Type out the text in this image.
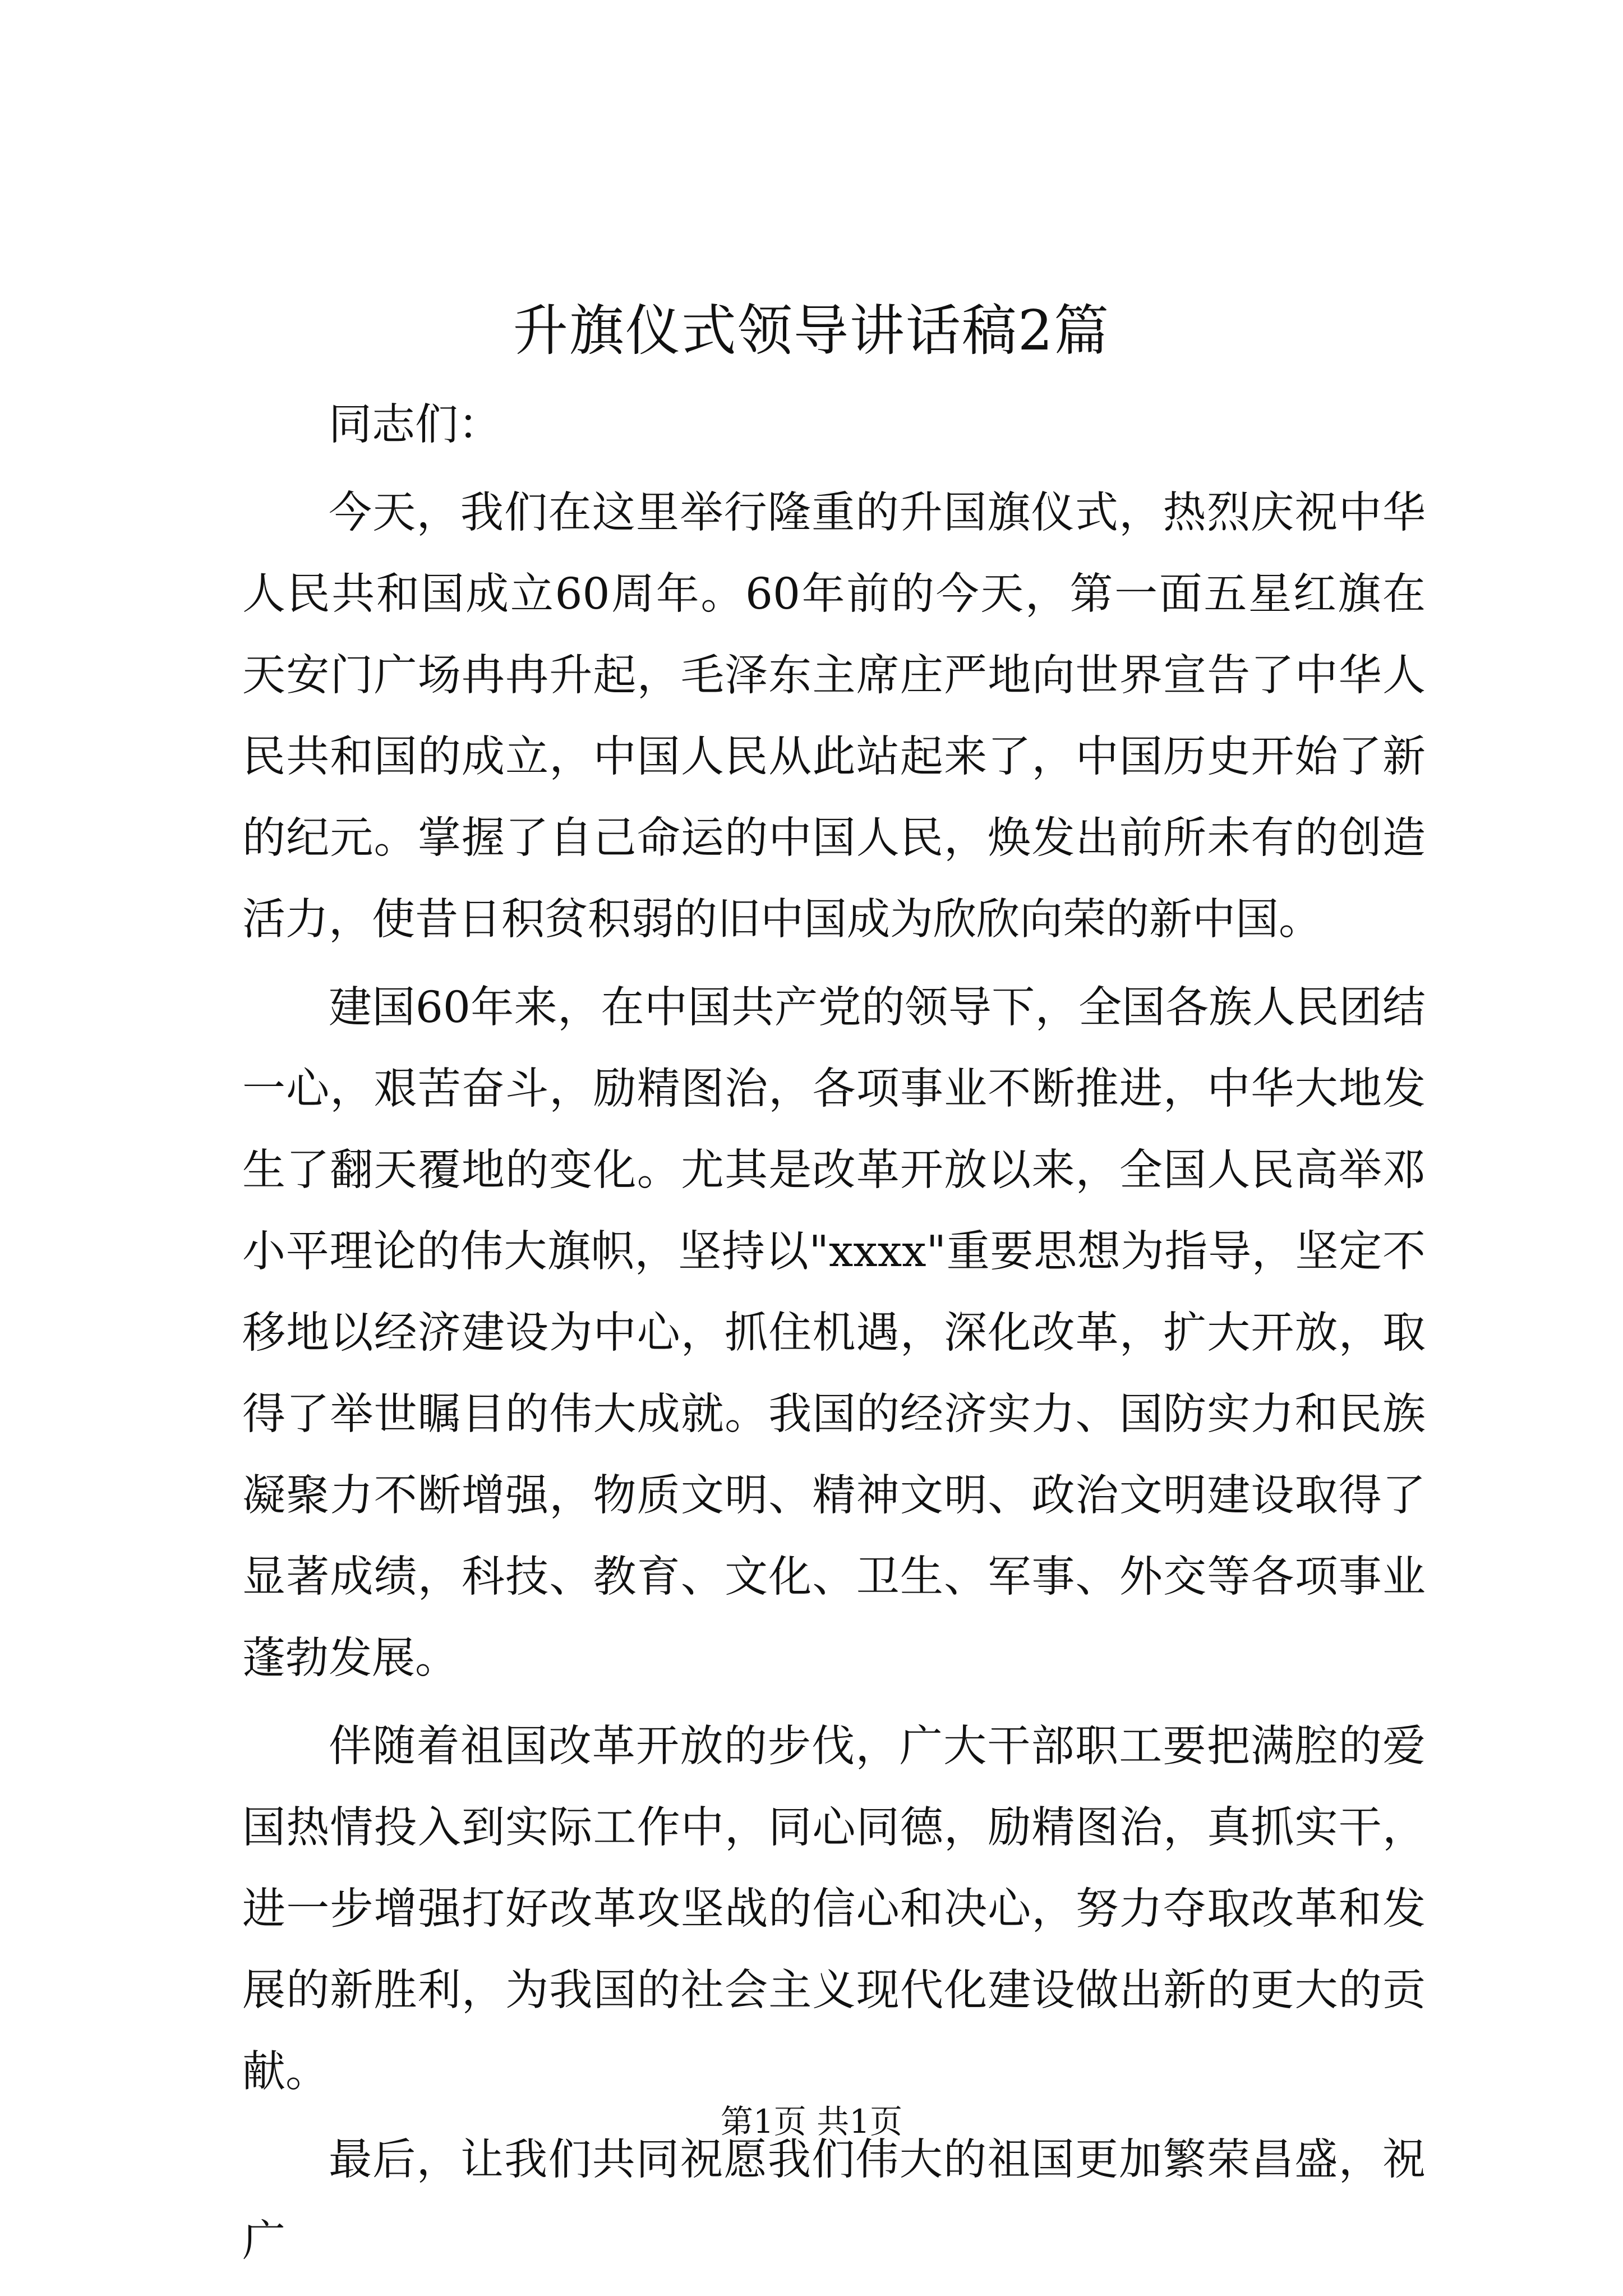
升旗仪式领导讲话稿2篇

同志们：

今天，我们在这里举行隆重的升国旗仪式，热烈庆祝中华人民共和国成立60周年。60年前的今天，第一面五星红旗在天安门广场冉冉升起，毛泽东主席庄严地向世界宣告了中华人民共和国的成立，中国人民从此站起来了，中国历史开始了新的纪元。掌握了自己命运的中国人民，焕发出前所未有的创造活力，使昔日积贫积弱的旧中国成为欣欣向荣的新中国。

建国60年来，在中国共产党的领导下，全国各族人民团结一心，艰苦奋斗，励精图治，各项事业不断推进，中华大地发生了翻天覆地的变化。尤其是改革开放以来，全国人民高举邓小平理论的伟大旗帜，坚持以"xxxx"重要思想为指导，坚定不移地以经济建设为中心，抓住机遇，深化改革，扩大开放，取得了举世瞩目的伟大成就。我国的经济实力、国防实力和民族凝聚力不断增强，物质文明、精神文明、政治文明建设取得了显著成绩，科技、教育、文化、卫生、军事、外交等各项事业蓬勃发展。

伴随着祖国改革开放的步伐，广大干部职工要把满腔的爱国热情投入到实际工作中，同心同德，励精图治，真抓实干，进一步增强打好改革攻坚战的信心和决心，努力夺取改革和发展的新胜利，为我国的社会主义现代化建设做出新的更大的贡献。

最后，让我们共同祝愿我们伟大的祖国更加繁荣昌盛，祝广

第1页 共1页
